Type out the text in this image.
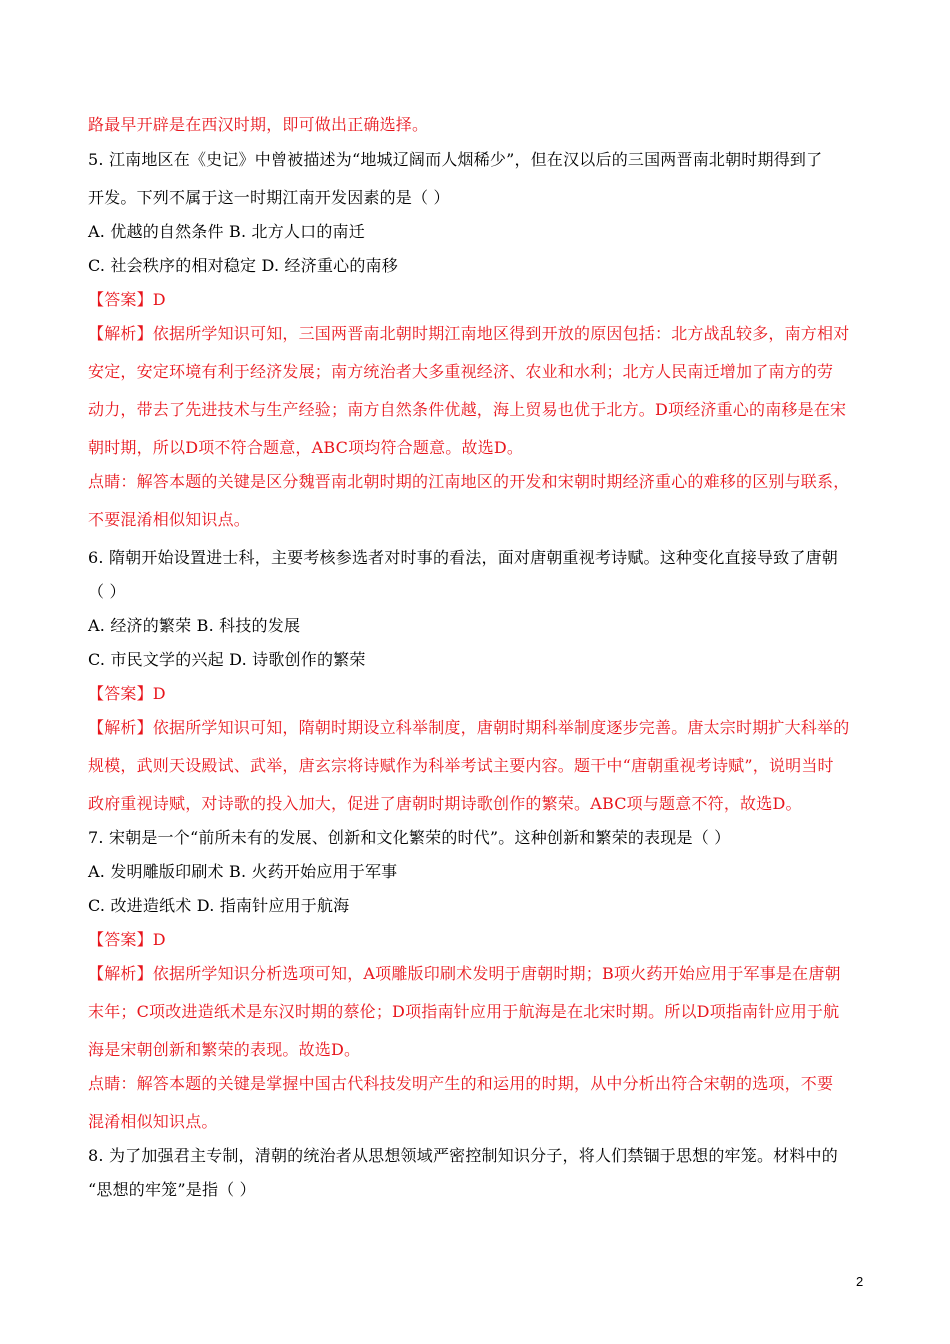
路最早开辟是在西汉时期，即可做出正确选择。
5. 江南地区在《史记》中曾被描述为“地城辽阔而人烟稀少”，但在汉以后的三国两晋南北朝时期得到了
开发。下列不属于这一时期江南开发因素的是（ ）
A. 优越的自然条件 B. 北方人口的南迁
C. 社会秩序的相对稳定 D. 经济重心的南移
【答案】D
【解析】依据所学知识可知，三国两晋南北朝时期江南地区得到开放的原因包括：北方战乱较多，南方相对
安定，安定环境有利于经济发展；南方统治者大多重视经济、农业和水利；北方人民南迁增加了南方的劳
动力，带去了先进技术与生产经验；南方自然条件优越，海上贸易也优于北方。D项经济重心的南移是在宋
朝时期，所以D项不符合题意，ABC项均符合题意。故选D。
点睛：解答本题的关键是区分魏晋南北朝时期的江南地区的开发和宋朝时期经济重心的难移的区别与联系，
不要混淆相似知识点。
6. 隋朝开始设置进士科，主要考核参选者对时事的看法，面对唐朝重视考诗赋。这种变化直接导致了唐朝
（ ）
A. 经济的繁荣 B. 科技的发展
C. 市民文学的兴起 D. 诗歌创作的繁荣
【答案】D
【解析】依据所学知识可知，隋朝时期设立科举制度，唐朝时期科举制度逐步完善。唐太宗时期扩大科举的
规模，武则天设殿试、武举，唐玄宗将诗赋作为科举考试主要内容。题干中“唐朝重视考诗赋”，说明当时
政府重视诗赋，对诗歌的投入加大，促进了唐朝时期诗歌创作的繁荣。ABC项与题意不符，故选D。
7. 宋朝是一个“前所未有的发展、创新和文化繁荣的时代”。这种创新和繁荣的表现是（ ）
A. 发明雕版印刷术 B. 火药开始应用于军事
C. 改进造纸术 D. 指南针应用于航海
【答案】D
【解析】依据所学知识分析选项可知，A项雕版印刷术发明于唐朝时期；B项火药开始应用于军事是在唐朝
末年；C项改进造纸术是东汉时期的蔡伦；D项指南针应用于航海是在北宋时期。所以D项指南针应用于航
海是宋朝创新和繁荣的表现。故选D。
点睛：解答本题的关键是掌握中国古代科技发明产生的和运用的时期，从中分析出符合宋朝的选项，不要
混淆相似知识点。
8. 为了加强君主专制，清朝的统治者从思想领域严密控制知识分子，将人们禁锢于思想的牢笼。材料中的
“思想的牢笼”是指（ ）
2
